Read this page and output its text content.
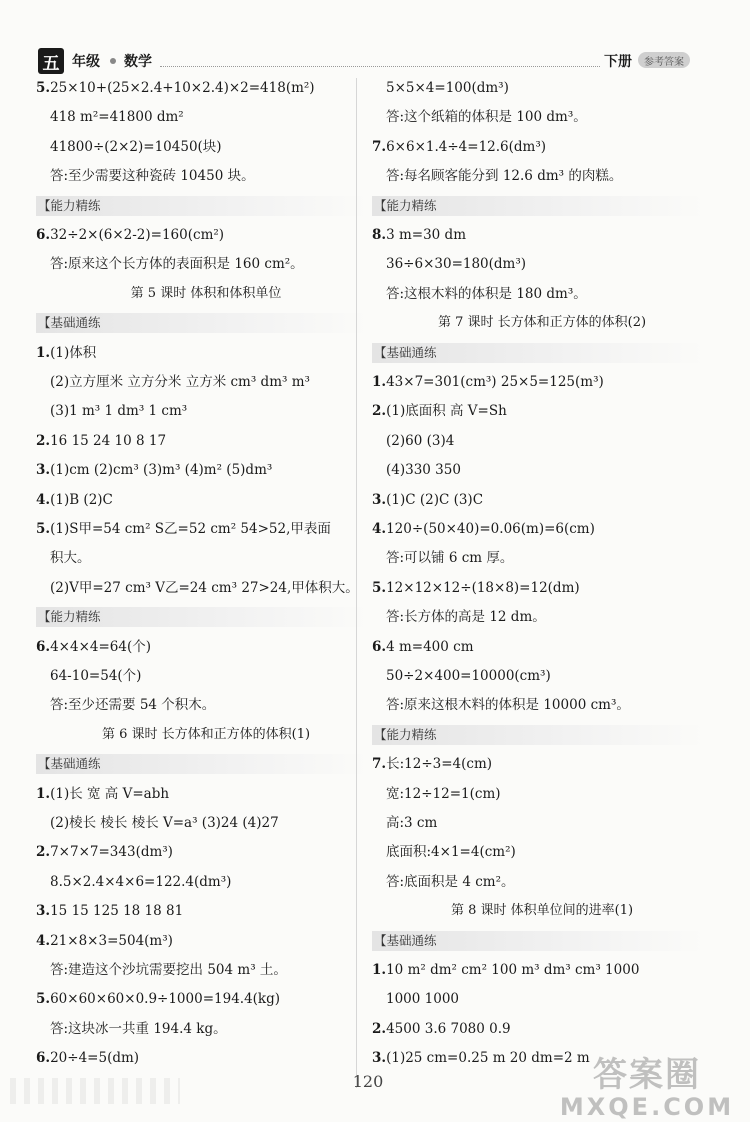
五 年级 数学	下册	参考答案
5.25×10+(25×2.4+10×2.4)×2=418(m²)
418 m²=41800 dm²
41800÷(2×2)=10450(块)
答:至少需要这种瓷砖 10450 块。
【能力精练
6.32÷2×(6×2-2)=160(cm²)
答:原来这个长方体的表面积是 160 cm²。
第 5 课时 体积和体积单位
【基础通练
1.(1)体积
(2)立方厘米 立方分米 立方米 cm³ dm³ m³
(3)1 m³ 1 dm³ 1 cm³
2.16 15 24 10 8 17
3.(1)cm (2)cm³ (3)m³ (4)m² (5)dm³
4.(1)B (2)C
5.(1)S甲=54 cm² S乙=52 cm² 54>52,甲表面
积大。
(2)V甲=27 cm³ V乙=24 cm³ 27>24,甲体积大。
【能力精练
6.4×4×4=64(个)
64-10=54(个)
答:至少还需要 54 个积木。
第 6 课时 长方体和正方体的体积(1)
【基础通练
1.(1)长 宽 高 V=abh
(2)棱长 棱长 棱长 V=a³ (3)24 (4)27
2.7×7×7=343(dm³)
8.5×2.4×4×6=122.4(dm³)
3.15 15 125 18 18 81
4.21×8×3=504(m³)
答:建造这个沙坑需要挖出 504 m³ 土。
5.60×60×60×0.9÷1000=194.4(kg)
答:这块冰一共重 194.4 kg。
6.20÷4=5(dm)
5×5×4=100(dm³)
答:这个纸箱的体积是 100 dm³。
7.6×6×1.4÷4=12.6(dm³)
答:每名顾客能分到 12.6 dm³ 的肉糕。
【能力精练
8.3 m=30 dm
36÷6×30=180(dm³)
答:这根木料的体积是 180 dm³。
第 7 课时 长方体和正方体的体积(2)
【基础通练
1.43×7=301(cm³) 25×5=125(m³)
2.(1)底面积 高 V=Sh
(2)60 (3)4
(4)330 350
3.(1)C (2)C (3)C
4.120÷(50×40)=0.06(m)=6(cm)
答:可以铺 6 cm 厚。
5.12×12×12÷(18×8)=12(dm)
答:长方体的高是 12 dm。
6.4 m=400 cm
50÷2×400=10000(cm³)
答:原来这根木料的体积是 10000 cm³。
【能力精练
7.长:12÷3=4(cm)
宽:12÷12=1(cm)
高:3 cm
底面积:4×1=4(cm²)
答:底面积是 4 cm²。
第 8 课时 体积单位间的进率(1)
【基础通练
1.10 m² dm² cm² 100 m³ dm³ cm³ 1000
1000 1000
2.4500 3.6 7080 0.9
3.(1)25 cm=0.25 m 20 dm=2 m
120	答案圈
MXQE.COM
